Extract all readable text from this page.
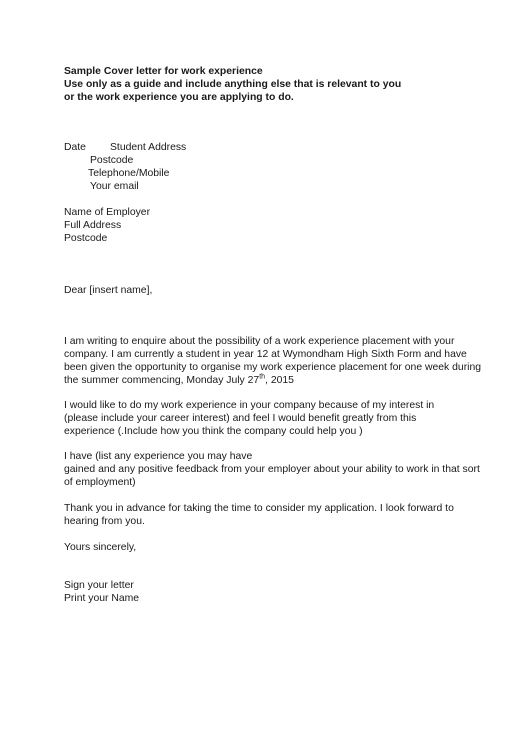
Sample Cover letter for work experience
Use only as a guide and include anything else that is relevant to you
or the work experience you are applying to do.
Date Student Address
Postcode
Telephone/Mobile
Your email
Name of Employer
Full Address
Postcode
Dear [insert name],
I am writing to enquire about the possibility of a work experience placement with your
company. I am currently a student in year 12 at Wymondham High Sixth Form and have
been given the opportunity to organise my work experience placement for one week during
the summer commencing, Monday July 27th, 2015
I would like to do my work experience in your company because of my interest in
(please include your career interest) and feel I would benefit greatly from this
experience (.Include how you think the company could help you )
I have (list any experience you may have
gained and any positive feedback from your employer about your ability to work in that sort
of employment)
Thank you in advance for taking the time to consider my application. I look forward to
hearing from you.
Yours sincerely,
Sign your letter
Print your Name
